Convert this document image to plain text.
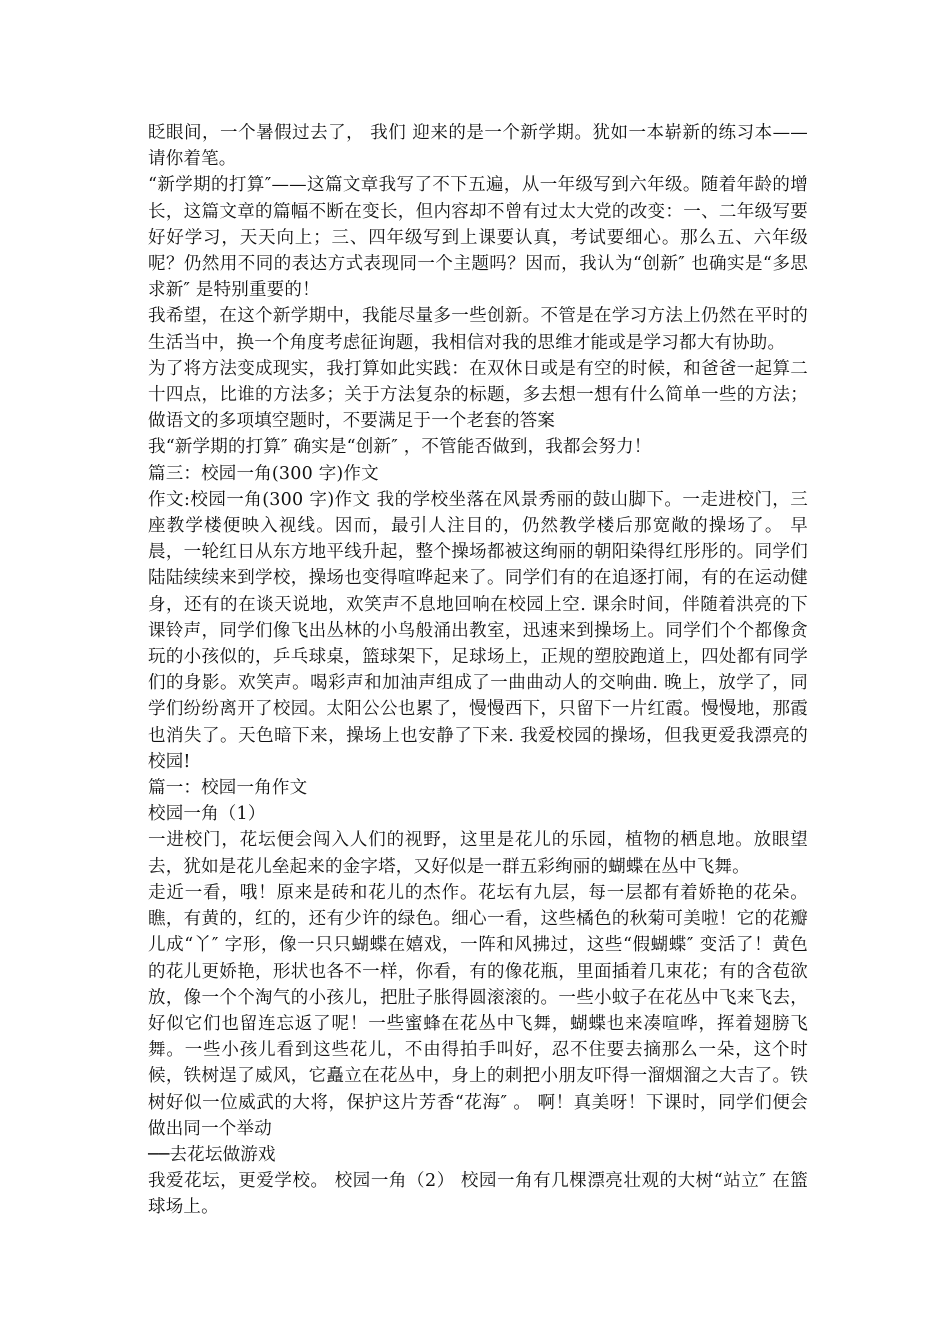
眨眼间，一个暑假过去了， 我们 迎来的是一个新学期。犹如一本崭新的练习本——请你着笔。

“新学期的打算″——这篇文章我写了不下五遍，从一年级写到六年级。随着年龄的增长，这篇文章的篇幅不断在变长，但内容却不曾有过太大党的改变：一、二年级写要好好学习，天天向上；三、四年级写到上课要认真，考试要细心。那么五、六年级呢？仍然用不同的表达方式表现同一个主题吗？因而，我认为“创新″ 也确实是“多思求新″ 是特别重要的！

我希望，在这个新学期中，我能尽量多一些创新。不管是在学习方法上仍然在平时的生活当中，换一个角度考虑征询题，我相信对我的思维才能或是学习都大有协助。

为了将方法变成现实，我打算如此实践：在双休日或是有空的时候，和爸爸一起算二十四点，比谁的方法多；关于方法复杂的标题，多去想一想有什么简单一些的方法；做语文的多项填空题时，不要满足于一个老套的答案

我“新学期的打算″ 确实是“创新″ ，不管能否做到，我都会努力！

篇三：校园一角(300 字)作文

作文:校园一角(300 字)作文 我的学校坐落在风景秀丽的鼓山脚下。一走进校门，三座教学楼便映入视线。因而，最引人注目的，仍然教学楼后那宽敞的操场了。 早晨，一轮红日从东方地平线升起，整个操场都被这绚丽的朝阳染得红彤彤的。同学们陆陆续续来到学校，操场也变得喧哗起来了。同学们有的在追逐打闹，有的在运动健身，还有的在谈天说地，欢笑声不息地回响在校园上空. 课余时间，伴随着洪亮的下课铃声，同学们像飞出丛林的小鸟般涌出教室，迅速来到操场上。同学们个个都像贪玩的小孩似的，乒乓球桌，篮球架下，足球场上，正规的塑胶跑道上，四处都有同学们的身影。欢笑声。喝彩声和加油声组成了一曲曲动人的交响曲. 晚上，放学了，同学们纷纷离开了校园。太阳公公也累了，慢慢西下，只留下一片红霞。慢慢地，那霞也消失了。天色暗下来，操场上也安静了下来. 我爱校园的操场，但我更爱我漂亮的校园!

篇一：校园一角作文

校园一角（1）

一进校门，花坛便会闯入人们的视野，这里是花儿的乐园，植物的栖息地。放眼望去，犹如是花儿垒起来的金字塔，又好似是一群五彩绚丽的蝴蝶在丛中飞舞。

走近一看，哦！原来是砖和花儿的杰作。花坛有九层，每一层都有着娇艳的花朵。瞧，有黄的，红的，还有少许的绿色。细心一看，这些橘色的秋菊可美啦！它的花瓣儿成“丫″ 字形，像一只只蝴蝶在嬉戏，一阵和风拂过，这些“假蝴蝶″ 变活了！黄色的花儿更娇艳，形状也各不一样，你看，有的像花瓶，里面插着几束花；有的含苞欲放，像一个个淘气的小孩儿，把肚子胀得圆滚滚的。一些小蚊子在花丛中飞来飞去，好似它们也留连忘返了呢！一些蜜蜂在花丛中飞舞，蝴蝶也来凑喧哗，挥着翅膀飞舞。一些小孩儿看到这些花儿，不由得拍手叫好，忍不住要去摘那么一朵，这个时候，铁树逞了威风，它矗立在花丛中，身上的刺把小朋友吓得一溜烟溜之大吉了。铁树好似一位威武的大将，保护这片芳香“花海″ 。 啊！真美呀！下课时，同学们便会做出同一个举动

──去花坛做游戏

我爱花坛，更爱学校。 校园一角（2） 校园一角有几棵漂亮壮观的大树“站立″ 在篮球场上。
